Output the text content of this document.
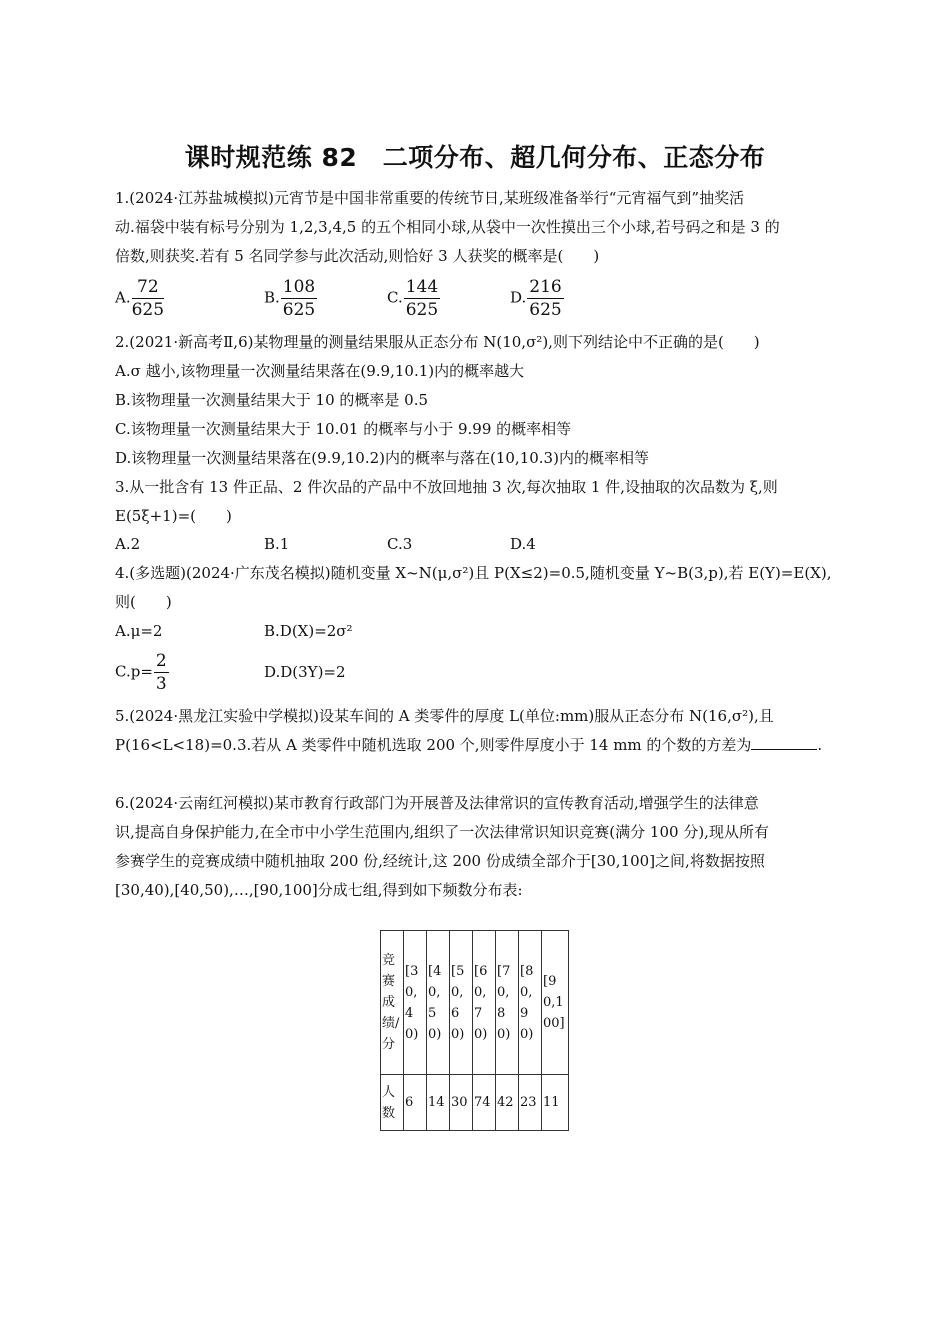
课时规范练 82　二项分布、超几何分布、正态分布
1.(2024·江苏盐城模拟)元宵节是中国非常重要的传统节日,某班级准备举行“元宵福气到”抽奖活
动.福袋中装有标号分别为 1,2,3,4,5 的五个相同小球,从袋中一次性摸出三个小球,若号码之和是 3 的
倍数,则获奖.若有 5 名同学参与此次活动,则恰好 3 人获奖的概率是(　　)
A. $\frac{72}{625}$	B. $\frac{108}{625}$	C. $\frac{144}{625}$	D. $\frac{216}{625}$
2.(2021·新高考Ⅱ,6)某物理量的测量结果服从正态分布 N(10,σ²),则下列结论中不正确的是(　　)
A.σ 越小,该物理量一次测量结果落在(9.9,10.1)内的概率越大
B.该物理量一次测量结果大于 10 的概率是 0.5
C.该物理量一次测量结果大于 10.01 的概率与小于 9.99 的概率相等
D.该物理量一次测量结果落在(9.9,10.2)内的概率与落在(10,10.3)内的概率相等
3.从一批含有 13 件正品、2 件次品的产品中不放回地抽 3 次,每次抽取 1 件,设抽取的次品数为 ξ,则
E(5ξ+1)=(　　)
A.2	B.1	C.3	D.4
4.(多选题)(2024·广东茂名模拟)随机变量 X~N(μ,σ²)且 P(X≤2)=0.5,随机变量 Y~B(3,p),若 E(Y)=E(X),
则(　　)
A.μ=2	B.D(X)=2σ²
$C.p= \frac{2}{3}$	D.D(3Y)=2
5.(2024·黑龙江实验中学模拟)设某车间的 A 类零件的厚度 L(单位:mm)服从正态分布 N(16,σ²),且
P(16<L<18)=0.3.若从 A 类零件中随机选取 200 个,则零件厚度小于 14 mm 的个数的方差为	.
6.(2024·云南红河模拟)某市教育行政部门为开展普及法律常识的宣传教育活动,增强学生的法律意
识,提高自身保护能力,在全市中小学生范围内,组织了一次法律常识知识竞赛(满分 100 分),现从所有
参赛学生的竞赛成绩中随机抽取 200 份,经统计,这 200 份成绩全部介于[30,100]之间,将数据按照
[30,40),[40,50),…,[90,100]分成七组,得到如下频数分布表:
竞赛成绩/分	[30,40)	[40,50)	[50,60)	[60,70)	[70,80)	[80,90)	[90,100]
人数	6	14	30	74	42	23	11
